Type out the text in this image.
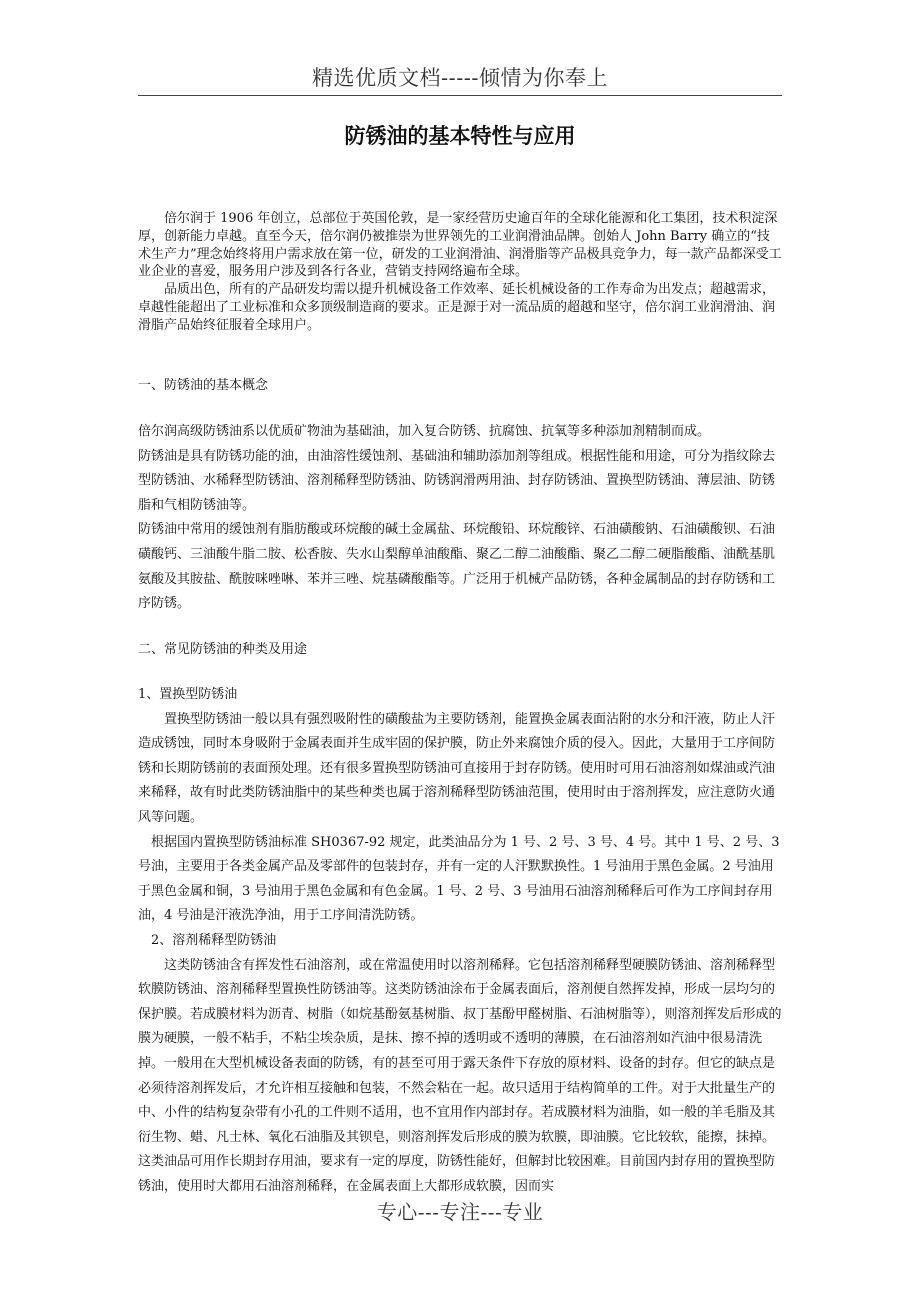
精选优质文档-----倾情为你奉上
防锈油的基本特性与应用

倍尔润于 1906 年创立，总部位于英国伦敦，是一家经营历史逾百年的全球化能源和化工集团，技术积淀深厚，创新能力卓越。直至今天，倍尔润仍被推崇为世界领先的工业润滑油品牌。创始人 John Barry 确立的“技术生产力”理念始终将用户需求放在第一位，研发的工业润滑油、润滑脂等产品极具竞争力，每一款产品都深受工业企业的喜爱，服务用户涉及到各行各业，营销支持网络遍布全球。

品质出色，所有的产品研发均需以提升机械设备工作效率、延长机械设备的工作寿命为出发点；超越需求，卓越性能超出了工业标准和众多顶级制造商的要求。正是源于对一流品质的超越和坚守，倍尔润工业润滑油、润滑脂产品始终征服着全球用户。

一、防锈油的基本概念

倍尔润高级防锈油系以优质矿物油为基础油，加入复合防锈、抗腐蚀、抗氧等多种添加剂精制而成。

防锈油是具有防锈功能的油，由油溶性缓蚀剂、基础油和辅助添加剂等组成。根据性能和用途，可分为指纹除去型防锈油、水稀释型防锈油、溶剂稀释型防锈油、防锈润滑两用油、封存防锈油、置换型防锈油、薄层油、防锈脂和气相防锈油等。

防锈油中常用的缓蚀剂有脂肪酸或环烷酸的碱土金属盐、环烷酸铅、环烷酸锌、石油磺酸钠、石油磺酸钡、石油磺酸钙、三油酸牛脂二胺、松香胺、失水山梨醇单油酸酯、聚乙二醇二油酸酯、聚乙二醇二硬脂酸酯、油酰基肌氨酸及其胺盐、酰胺咪唑啉、苯并三唑、烷基磷酸酯等。广泛用于机械产品防锈，各种金属制品的封存防锈和工序防锈。

二、常见防锈油的种类及用途

1、置换型防锈油

置换型防锈油一般以具有强烈吸附性的磺酸盐为主要防锈剂，能置换金属表面沾附的水分和汗液，防止人汗造成锈蚀，同时本身吸附于金属表面并生成牢固的保护膜，防止外来腐蚀介质的侵入。因此，大量用于工序间防锈和长期防锈前的表面预处理。还有很多置换型防锈油可直接用于封存防锈。使用时可用石油溶剂如煤油或汽油来稀释，故有时此类防锈油脂中的某些种类也属于溶剂稀释型防锈油范围，使用时由于溶剂挥发，应注意防火通风等问题。

根据国内置换型防锈油标准 SH0367-92 规定，此类油品分为 1 号、2 号、3 号、4 号。其中 1 号、2 号、3 号油，主要用于各类金属产品及零部件的包装封存，并有一定的人汗默默换性。1 号油用于黑色金属。2 号油用于黑色金属和铜，3 号油用于黑色金属和有色金属。1 号、2 号、3 号油用石油溶剂稀释后可作为工序间封存用油，4 号油是汗液洗净油，用于工序间清洗防锈。

2、溶剂稀释型防锈油

这类防锈油含有挥发性石油溶剂，或在常温使用时以溶剂稀释。它包括溶剂稀释型硬膜防锈油、溶剂稀释型软膜防锈油、溶剂稀释型置换性防锈油等。这类防锈油涂布于金属表面后，溶剂便自然挥发掉，形成一层均匀的保护膜。若成膜材料为沥青、树脂（如烷基酚氨基树脂、叔丁基酚甲醛树脂、石油树脂等），则溶剂挥发后形成的膜为硬膜，一般不粘手，不粘尘埃杂质，是抹、擦不掉的透明或不透明的薄膜，在石油溶剂如汽油中很易清洗掉。一般用在大型机械设备表面的防锈，有的甚至可用于露天条件下存放的原材料、设备的封存。但它的缺点是必须待溶剂挥发后，才允许相互接触和包装，不然会粘在一起。故只适用于结构简单的工件。对于大批量生产的中、小件的结构复杂带有小孔的工件则不适用，也不宜用作内部封存。若成膜材料为油脂，如一般的羊毛脂及其衍生物、蜡、凡士林、氧化石油脂及其钡皂，则溶剂挥发后形成的膜为软膜，即油膜。它比较软，能擦，抹掉。这类油品可用作长期封存用油，要求有一定的厚度，防锈性能好，但解封比较困难。目前国内封存用的置换型防锈油，使用时大都用石油溶剂稀释，在金属表面上大都形成软膜，因而实

专心---专注---专业
